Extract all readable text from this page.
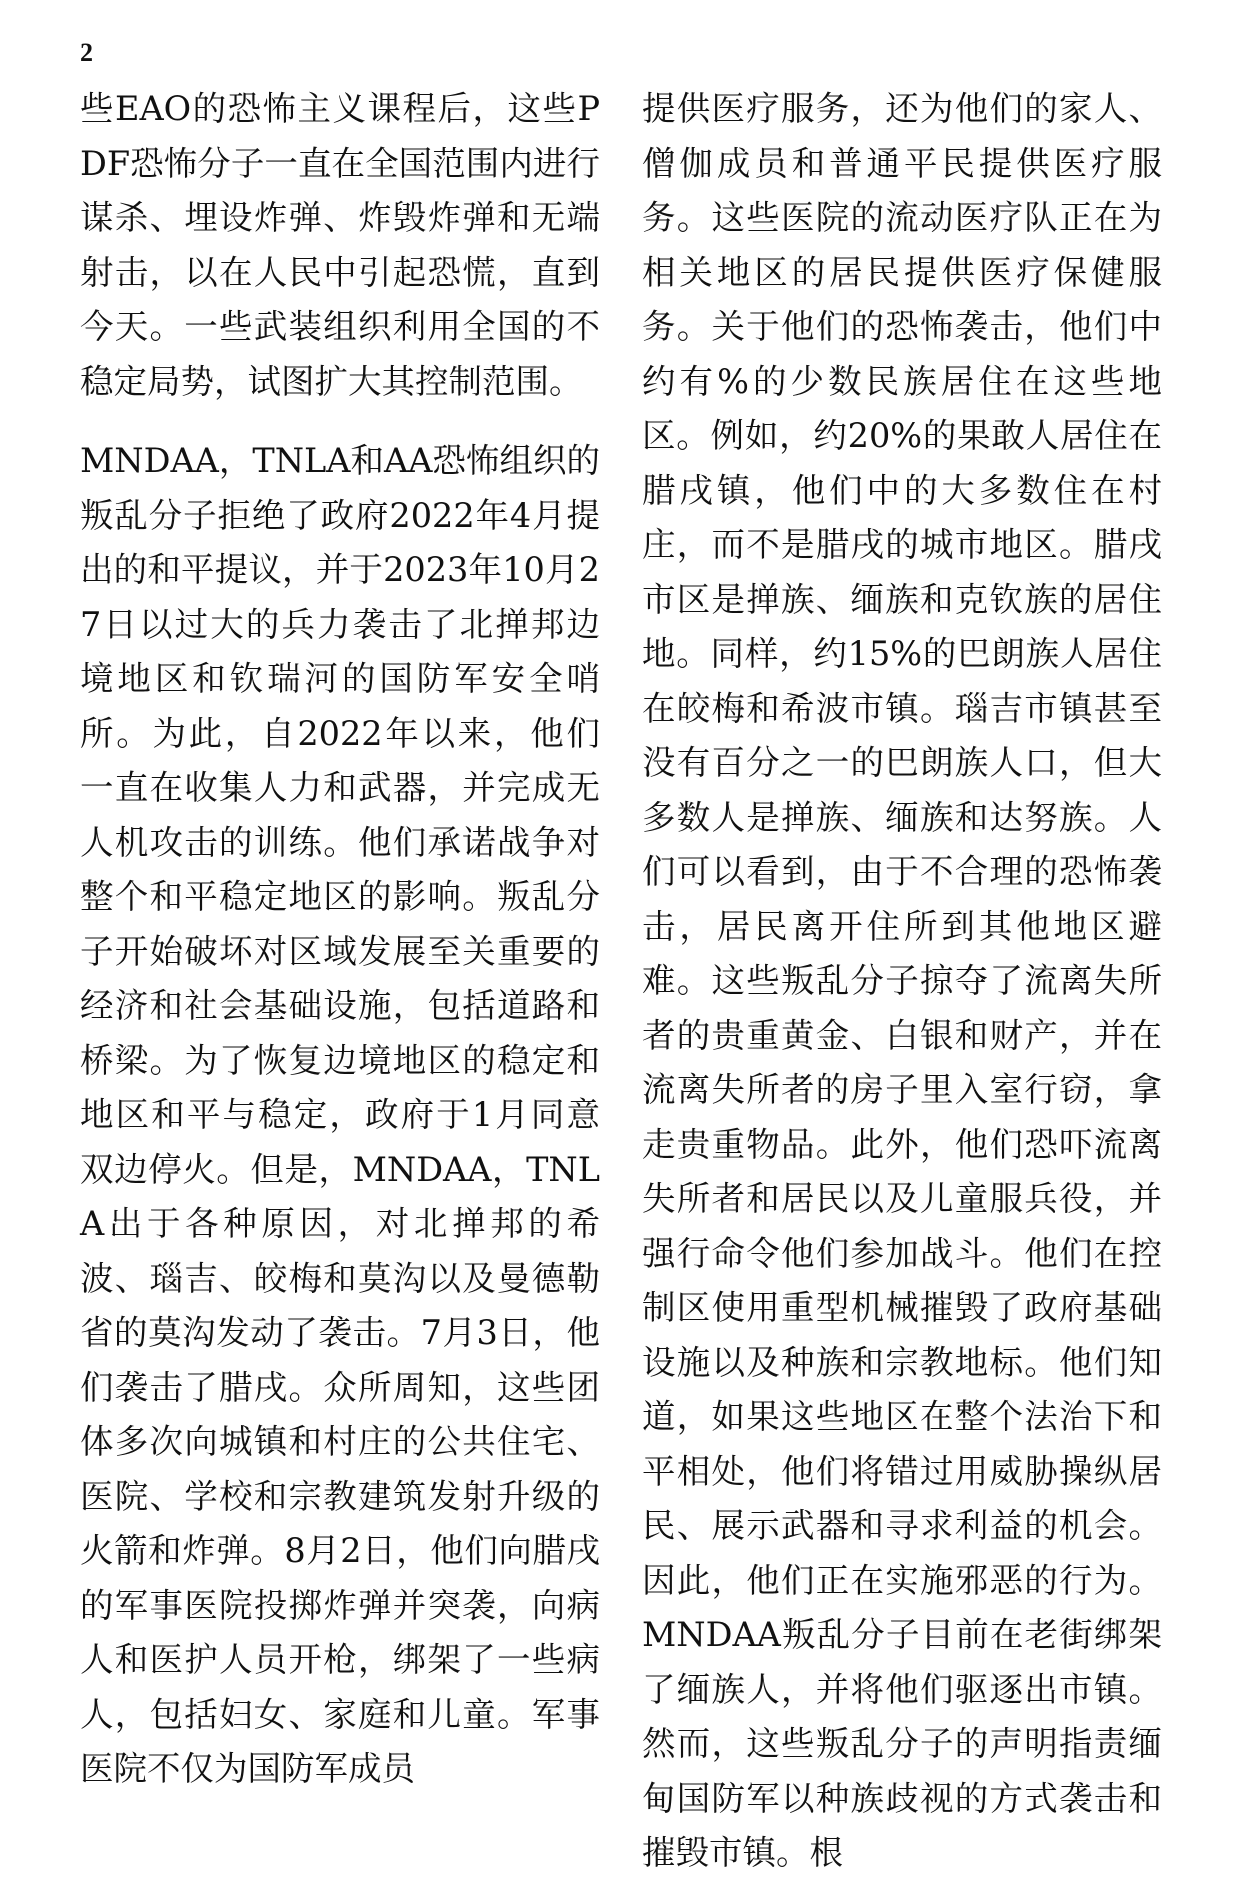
2

些EAO的恐怖主义课程后，这些PDF恐怖分子一直在全国范围内进行谋杀、埋设炸弹、炸毁炸弹和无端射击，以在人民中引起恐慌，直到今天。一些武装组织利用全国的不稳定局势，试图扩大其控制范围。

MNDAA，TNLA和AA恐怖组织的叛乱分子拒绝了政府2022年4月提出的和平提议，并于2023年10月27日以过大的兵力袭击了北掸邦边境地区和钦瑞河的国防军安全哨所。为此，自2022年以来，他们一直在收集人力和武器，并完成无人机攻击的训练。他们承诺战争对整个和平稳定地区的影响。叛乱分子开始破坏对区域发展至关重要的经济和社会基础设施，包括道路和桥梁。为了恢复边境地区的稳定和地区和平与稳定，政府于1月同意双边停火。但是，MNDAA，TNLA出于各种原因，对北掸邦的希波、瑙吉、皎梅和莫沟以及曼德勒省的莫沟发动了袭击。7月3日，他们袭击了腊戌。众所周知，这些团体多次向城镇和村庄的公共住宅、医院、学校和宗教建筑发射升级的火箭和炸弹。8月2日，他们向腊戌的军事医院投掷炸弹并突袭，向病人和医护人员开枪，绑架了一些病人，包括妇女、家庭和儿童。军事医院不仅为国防军成员

提供医疗服务，还为他们的家人、僧伽成员和普通平民提供医疗服务。这些医院的流动医疗队正在为相关地区的居民提供医疗保健服务。关于他们的恐怖袭击，他们中约有%的少数民族居住在这些地区。例如，约20%的果敢人居住在腊戌镇，他们中的大多数住在村庄，而不是腊戌的城市地区。腊戌市区是掸族、缅族和克钦族的居住地。同样，约15%的巴朗族人居住在皎梅和希波市镇。瑙吉市镇甚至没有百分之一的巴朗族人口，但大多数人是掸族、缅族和达努族。人们可以看到，由于不合理的恐怖袭击，居民离开住所到其他地区避难。这些叛乱分子掠夺了流离失所者的贵重黄金、白银和财产，并在流离失所者的房子里入室行窃，拿走贵重物品。此外，他们恐吓流离失所者和居民以及儿童服兵役，并强行命令他们参加战斗。他们在控制区使用重型机械摧毁了政府基础设施以及种族和宗教地标。他们知道，如果这些地区在整个法治下和平相处，他们将错过用威胁操纵居民、展示武器和寻求利益的机会。因此，他们正在实施邪恶的行为。MNDAA叛乱分子目前在老街绑架了缅族人，并将他们驱逐出市镇。然而，这些叛乱分子的声明指责缅甸国防军以种族歧视的方式袭击和摧毁市镇。根
